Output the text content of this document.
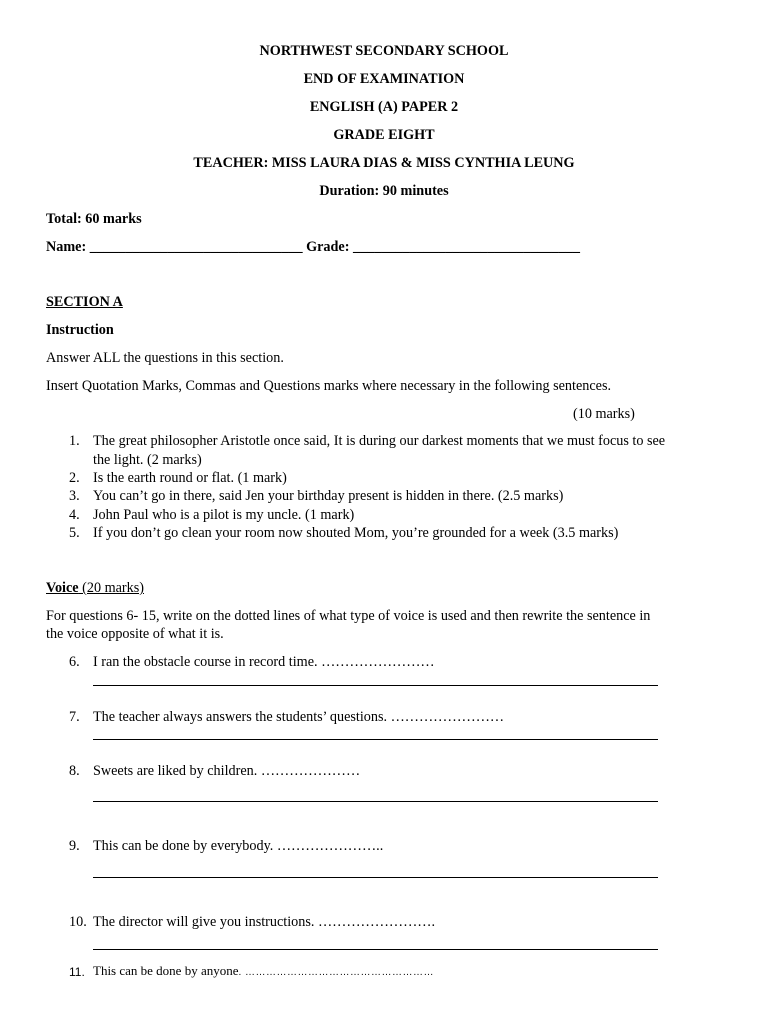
NORTHWEST SECONDARY SCHOOL
END OF EXAMINATION
ENGLISH (A) PAPER 2
GRADE EIGHT
TEACHER: MISS LAURA DIAS & MISS CYNTHIA LEUNG
Duration: 90 minutes
Total: 60 marks
Name: ______________________________ Grade: ________________________________
SECTION A
Instruction
Answer ALL the questions in this section.
Insert Quotation Marks, Commas and Questions marks where necessary in the following sentences.
(10 marks)
1. The great philosopher Aristotle once said, It is during our darkest moments that we must focus to see
the light. (2 marks)
2. Is the earth round or flat. (1 mark)
3. You can’t go in there, said Jen your birthday present is hidden in there. (2.5 marks)
4. John Paul who is a pilot is my uncle. (1 mark)
5. If you don’t go clean your room now shouted Mom, you’re grounded for a week (3.5 marks)
Voice (20 marks)
For questions 6- 15, write on the dotted lines of what type of voice is used and then rewrite the sentence in
the voice opposite of what it is.
6. I ran the obstacle course in record time. ……………………
7. The teacher always answers the students’ questions. ……………………
8. Sweets are liked by children. …………………
9. This can be done by everybody. …………………..
10. The director will give you instructions. …………………….
11. This can be done by anyone. ………………………………………………
